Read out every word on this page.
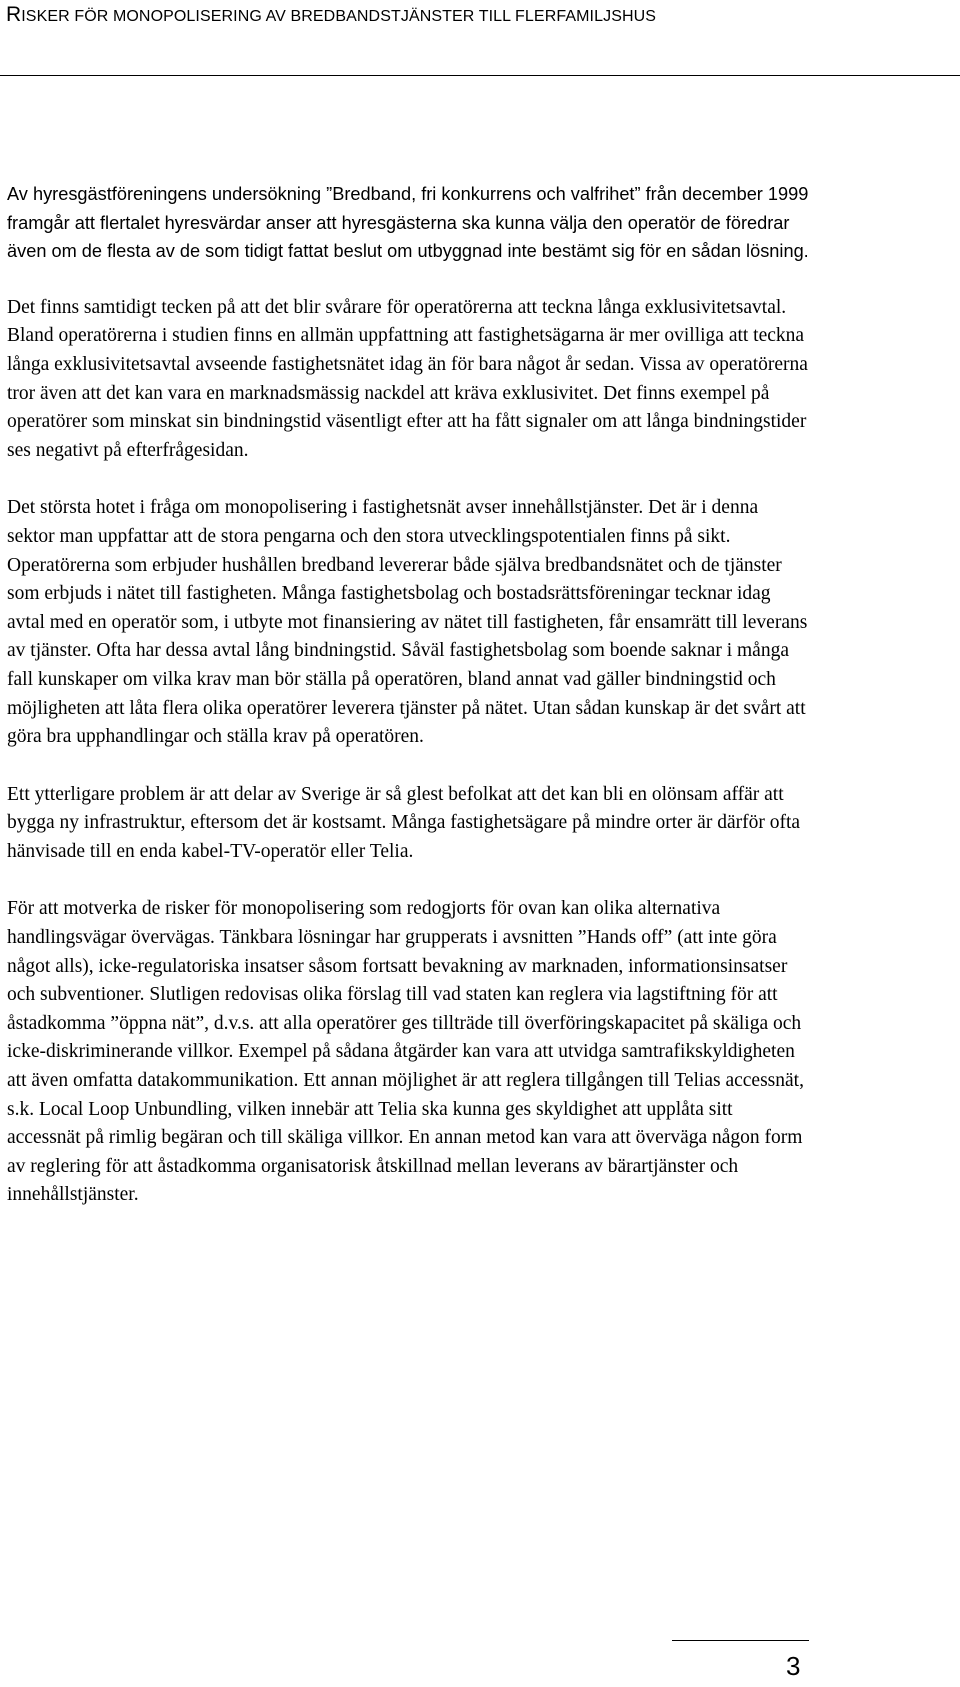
RISKER FÖR MONOPOLISERING AV BREDBANDSTJÄNSTER TILL FLERFAMILJSHUS

Av hyresgästföreningens undersökning ”Bredband, fri konkurrens och valfrihet” från december 1999 framgår att flertalet hyresvärdar anser att hyresgästerna ska kunna välja den operatör de föredrar även om de flesta av de som tidigt fattat beslut om utbyggnad inte bestämt sig för en sådan lösning.

Det finns samtidigt tecken på att det blir svårare för operatörerna att teckna långa exklusivitetsavtal. Bland operatörerna i studien finns en allmän uppfattning att fastighetsägarna är mer ovilliga att teckna långa exklusivitetsavtal avseende fastighetsnätet idag än för bara något år sedan. Vissa av operatörerna tror även att det kan vara en marknadsmässig nackdel att kräva exklusivitet. Det finns exempel på operatörer som minskat sin bindningstid väsentligt efter att ha fått signaler om att långa bindningstider ses negativt på efterfrågesidan.

Det största hotet i fråga om monopolisering i fastighetsnät avser innehållstjänster. Det är i denna sektor man uppfattar att de stora pengarna och den stora utvecklingspotentialen finns på sikt. Operatörerna som erbjuder hushållen bredband levererar både själva bredbandsnätet och de tjänster som erbjuds i nätet till fastigheten. Många fastighetsbolag och bostadsrättsföreningar tecknar idag avtal med en operatör som, i utbyte mot finansiering av nätet till fastigheten, får ensamrätt till leverans av tjänster. Ofta har dessa avtal lång bindningstid. Såväl fastighetsbolag som boende saknar i många fall kunskaper om vilka krav man bör ställa på operatören, bland annat vad gäller bindningstid och möjligheten att låta flera olika operatörer leverera tjänster på nätet. Utan sådan kunskap är det svårt att göra bra upphandlingar och ställa krav på operatören.

Ett ytterligare problem är att delar av Sverige är så glest befolkat att det kan bli en olönsam affär att bygga ny infrastruktur, eftersom det är kostsamt. Många fastighetsägare på mindre orter är därför ofta hänvisade till en enda kabel-TV-operatör eller Telia.

För att motverka de risker för monopolisering som redogjorts för ovan kan olika alternativa handlingsvägar övervägas. Tänkbara lösningar har grupperats i avsnitten ”Hands off” (att inte göra något alls), icke-regulatoriska insatser såsom fortsatt bevakning av marknaden, informationsinsatser och subventioner. Slutligen redovisas olika förslag till vad staten kan reglera via lagstiftning för att åstadkomma ”öppna nät”, d.v.s. att alla operatörer ges tillträde till överföringskapacitet på skäliga och icke-diskriminerande villkor. Exempel på sådana åtgärder kan vara att utvidga samtrafikskyldigheten att även omfatta datakommunikation. Ett annan möjlighet är att reglera tillgången till Telias accessnät, s.k. Local Loop Unbundling, vilken innebär att Telia ska kunna ges skyldighet att upplåta sitt accessnät på rimlig begäran och till skäliga villkor. En annan metod kan vara att överväga någon form av reglering för att åstadkomma organisatorisk åtskillnad mellan leverans av bärartjänster och innehållstjänster.

3
